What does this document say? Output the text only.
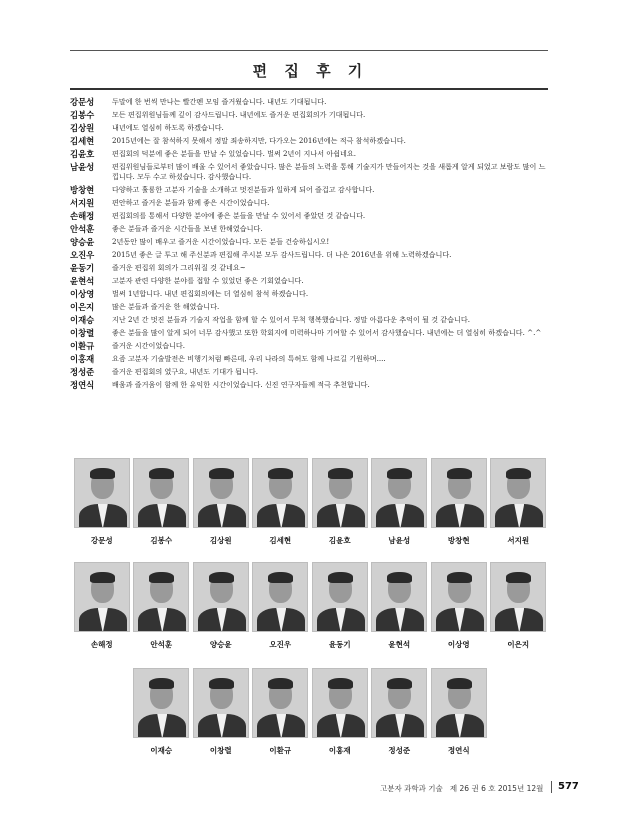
편 집 후 기
강문성	두말에 한 번씩 만나는 빨간펜 모임 즐거웠습니다. 내년도 기대됩니다.
김봉수	모든 편집위원님들께 깊이 감사드립니다. 내년에도 즐거운 편집회의가 기대됩니다.
김상원	내년에도 열심히 하도록 하겠습니다.
김세현	2015년에는 잘 참석하지 못해서 정말 죄송하지만, 다가오는 2016년에는 적극 참석하겠습니다.
김윤호	편집회의 덕분에 좋은 분들을 만날 수 있었습니다. 벌써 2년이 지나서 아쉽네요.
남윤성	편집위원님들로부터 많이 배울 수 있어서 좋았습니다. 많은 분들의 노력을 통해 기술지가 만들어지는 것을 새롭게 알게 되었고 보람도 많이 느낍니다. 모두 수고 하셨습니다. 감사했습니다.
방창현	다양하고 훌륭한 고분자 기술을 소개하고 멋진분들과 일하게 되어 즐겁고 감사합니다.
서지원	편안하고 즐거운 분들과 함께 좋은 시간이었습니다.
손해정	편집회의를 통해서 다양한 분야에 좋은 분들을 만날 수 있어서 좋았던 것 같습니다.
안석훈	좋은 분들과 즐거운 시간들을 보낸 한해였습니다.
양승윤	2년동안 많이 배우고 즐거운 시간이었습니다. 모든 분들 건승하십시오!
오진우	2015년 좋은 글 투고 해 주신분과 편집해 주시분 모두 감사드립니다. 더 나은 2016년을 위해 노력하겠습니다.
윤동기	즐거운 편집위 회의가 그리워질 것 같네요~
윤현석	고분자 관련 다양한 분야를 접할 수 있었던 좋은 기회였습니다.
이상영	벌써 1년합니다. 내년 편집회의에는 더 열심히 참석 하겠습니다.
이은지	많은 분들과 즐거운 한 해였습니다.
이재승	지난 2년 간 멋진 분들과 기술지 작업을 함께 할 수 있어서 무척 행복했습니다. 정말 아름다운 추억이 될 것 같습니다.
이창렬	좋은 분들을 많이 알게 되어 너무 감사했고 또한 학회지에 미력하나마 기여할 수 있어서 감사했습니다. 내년에는 더 열심히 하겠습니다. ^.^
이환규	즐거운 시간이었습니다.
이홍재	요즘 고분자 기술발전은 비행기처럼 빠른데, 우리 나라의 특허도 함께 나르길 기원하며....
정성준	즐거운 편집회의 였구요, 내년도 기대가 됩니다.
정연식	배움과 즐거움이 함께 한 유익한 시간이었습니다. 신진 연구자들께 적극 추천합니다.
강문성	김봉수	김상원	김세현	김윤호	남윤성	방창현	서지원
손해정	안석훈	양승윤	오진우	윤동기	윤현석	이상영	이은지
이재승	이창렬	이환규	이홍재	정성준	정연식
고분자 과학과 기술 제 26 권 6 호 2015년 12월 577
